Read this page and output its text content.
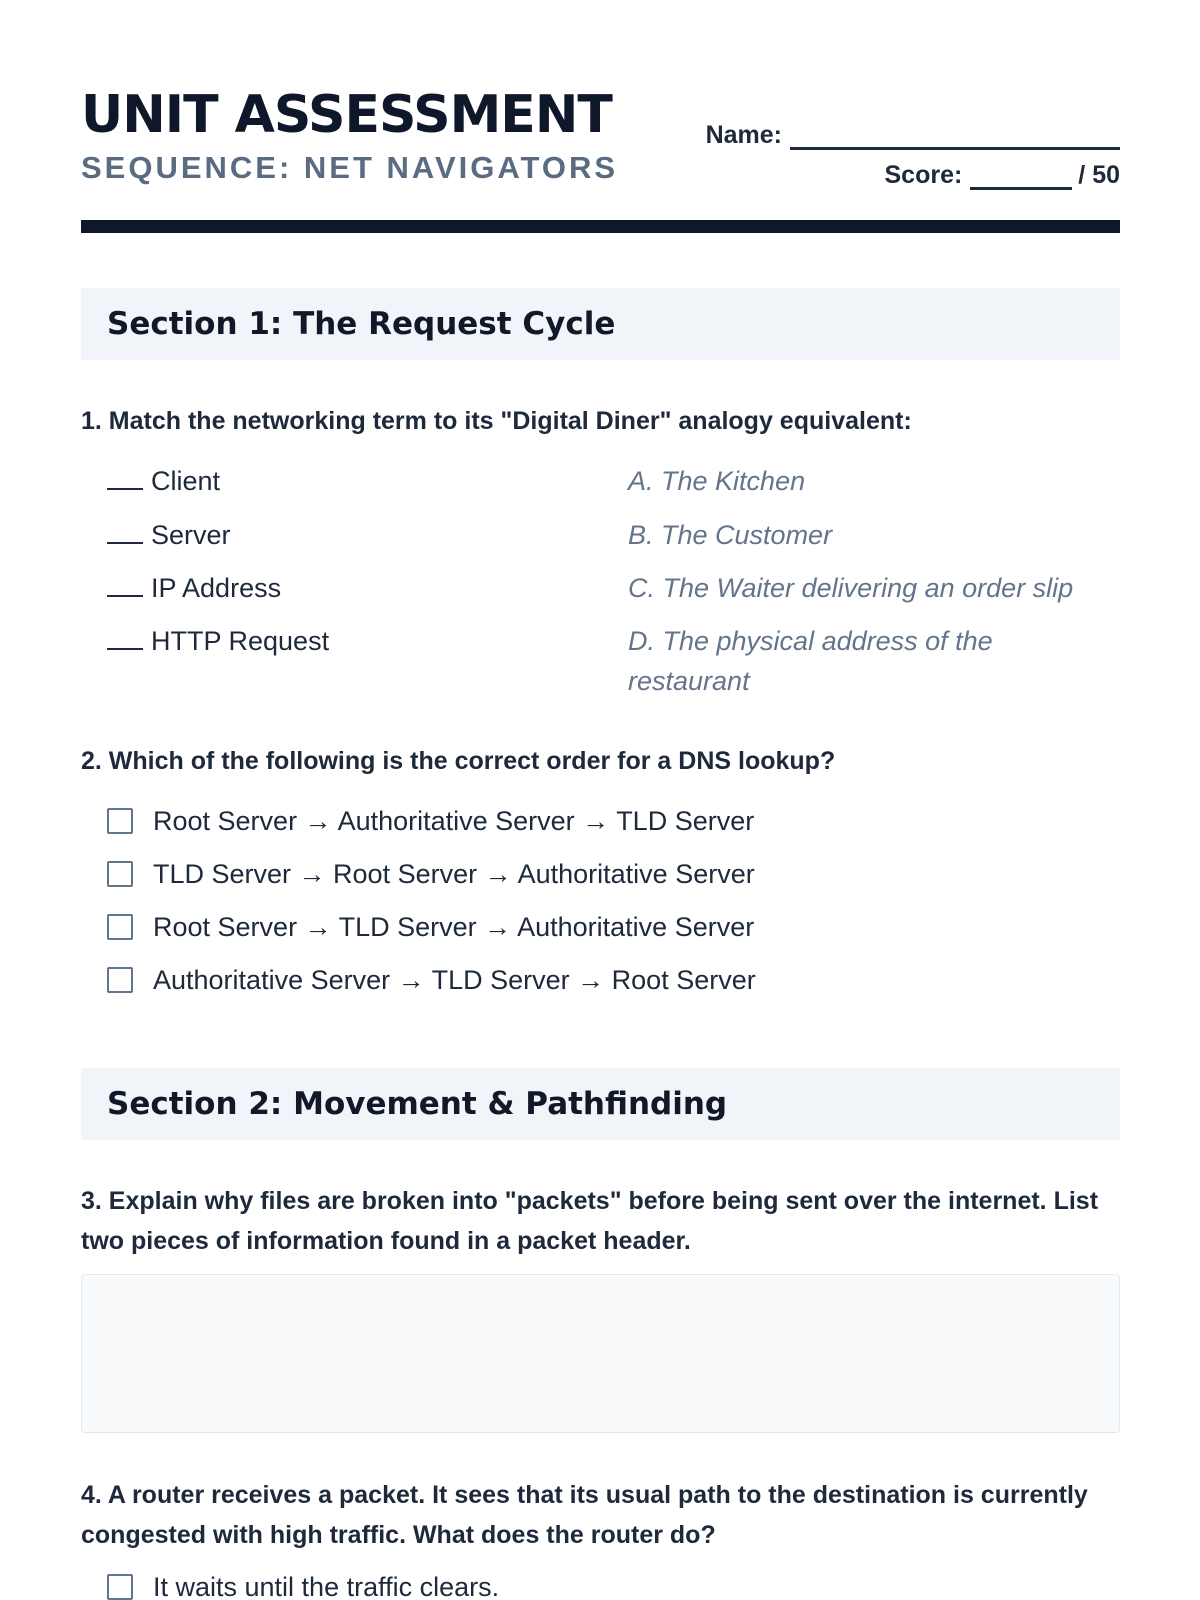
UNIT ASSESSMENT
SEQUENCE: NET NAVIGATORS
Name:
Score:	/ 50
Section 1: The Request Cycle
1. Match the networking term to its "Digital Diner" analogy equivalent:
Client
Server
IP Address
HTTP Request
A. The Kitchen
B. The Customer
C. The Waiter delivering an order slip
D. The physical address of the restaurant
2. Which of the following is the correct order for a DNS lookup?
Root Server → Authoritative Server → TLD Server
TLD Server → Root Server → Authoritative Server
Root Server → TLD Server → Authoritative Server
Authoritative Server → TLD Server → Root Server
Section 2: Movement & Pathfinding
3. Explain why files are broken into "packets" before being sent over the internet. List two pieces of information found in a packet header.
4. A router receives a packet. It sees that its usual path to the destination is currently congested with high traffic. What does the router do?
It waits until the traffic clears.
